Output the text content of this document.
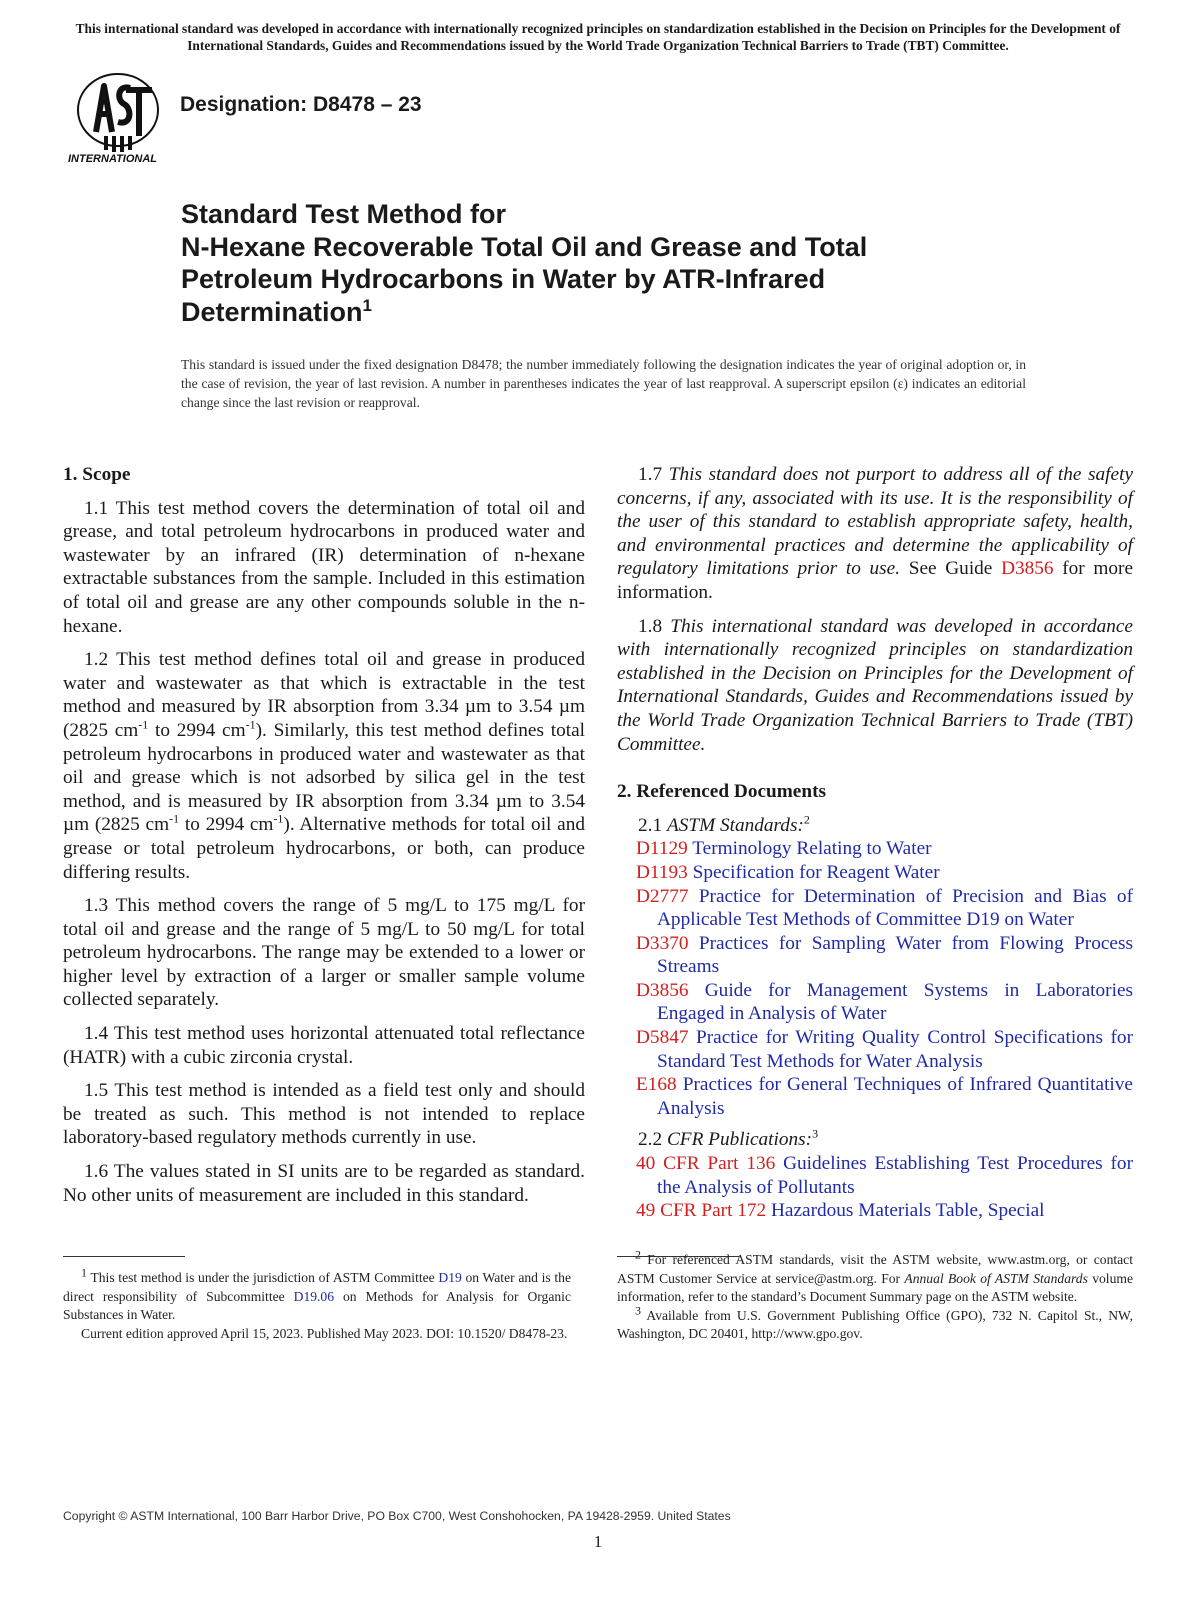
This international standard was developed in accordance with internationally recognized principles on standardization established in the Decision on Principles for the Development of International Standards, Guides and Recommendations issued by the World Trade Organization Technical Barriers to Trade (TBT) Committee.
INTERNATIONAL
Designation: D8478 – 23
Standard Test Method for
N-Hexane Recoverable Total Oil and Grease and Total
Petroleum Hydrocarbons in Water by ATR-Infrared
Determination$^1$
This standard is issued under the fixed designation D8478; the number immediately following the designation indicates the year of original adoption or, in the case of revision, the year of last revision. A number in parentheses indicates the year of last reapproval. A superscript epsilon (ε) indicates an editorial change since the last revision or reapproval.
1. Scope

1.1 This test method covers the determination of total oil and grease, and total petroleum hydrocarbons in produced water and wastewater by an infrared (IR) determination of n-hexane extractable substances from the sample. Included in this estimation of total oil and grease are any other compounds soluble in the n-hexane.

1.2 This test method defines total oil and grease in produced water and wastewater as that which is extractable in the test method and measured by IR absorption from 3.34 µm to 3.54 µm (2825 $cm^{-1}$ to 2994 $cm^{-1}$). Similarly, this test method defines total petroleum hydrocarbons in produced water and wastewater as that oil and grease which is not adsorbed by silica gel in the test method, and is measured by IR absorption from 3.34 µm to 3.54 µm (2825 $cm^{-1}$ to 2994 $cm^{-1}$). Alternative methods for total oil and grease or total petroleum hydrocarbons, or both, can produce differing results.

1.3 This method covers the range of 5 mg/L to 175 mg/L for total oil and grease and the range of 5 mg/L to 50 mg/L for total petroleum hydrocarbons. The range may be extended to a lower or higher level by extraction of a larger or smaller sample volume collected separately.

1.4 This test method uses horizontal attenuated total reflectance (HATR) with a cubic zirconia crystal.

1.5 This test method is intended as a field test only and should be treated as such. This method is not intended to replace laboratory-based regulatory methods currently in use.

1.6 The values stated in SI units are to be regarded as standard. No other units of measurement are included in this standard.

1.7 This standard does not purport to address all of the safety concerns, if any, associated with its use. It is the responsibility of the user of this standard to establish appropriate safety, health, and environmental practices and determine the applicability of regulatory limitations prior to use. See Guide D3856 for more information.

1.8 This international standard was developed in accordance with internationally recognized principles on standardization established in the Decision on Principles for the Development of International Standards, Guides and Recommendations issued by the World Trade Organization Technical Barriers to Trade (TBT) Committee.

2. Referenced Documents
2.1 ASTM Standards:$^2$

D1129 Terminology Relating to Water

D1193 Specification for Reagent Water

D2777 Practice for Determination of Precision and Bias of Applicable Test Methods of Committee D19 on Water

D3370 Practices for Sampling Water from Flowing Process Streams

D3856 Guide for Management Systems in Laboratories Engaged in Analysis of Water

D5847 Practice for Writing Quality Control Specifications for Standard Test Methods for Water Analysis

E168 Practices for General Techniques of Infrared Quantitative Analysis

2.2 CFR Publications:$^3$

40 CFR Part 136 Guidelines Establishing Test Procedures for the Analysis of Pollutants

49 CFR Part 172 Hazardous Materials Table, Special

$^1$ This test method is under the jurisdiction of ASTM Committee D19 on Water and is the direct responsibility of Subcommittee D19.06 on Methods for Analysis for Organic Substances in Water.

Current edition approved April 15, 2023. Published May 2023. DOI: 10.1520/ D8478-23.

$^2$ For referenced ASTM standards, visit the ASTM website, www.astm.org, or contact ASTM Customer Service at service@astm.org. For Annual Book of ASTM Standards volume information, refer to the standard’s Document Summary page on the ASTM website.

$^3$ Available from U.S. Government Publishing Office (GPO), 732 N. Capitol St., NW, Washington, DC 20401, http://www.gpo.gov.

Copyright © ASTM International, 100 Barr Harbor Drive, PO Box C700, West Conshohocken, PA 19428-2959. United States
1
